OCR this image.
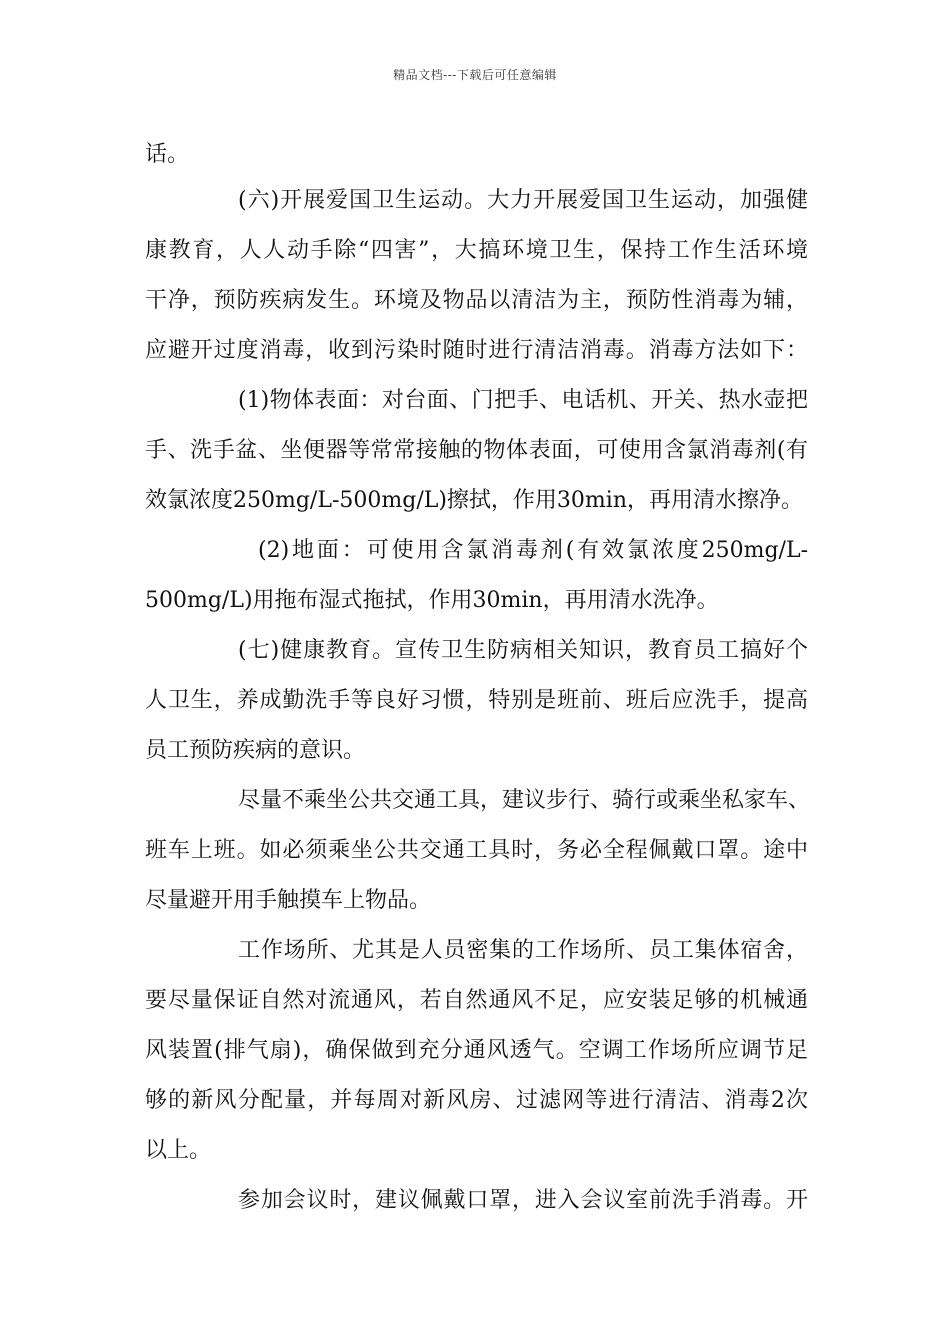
精品文档---下载后可任意编辑
话。
(六)开展爱国卫生运动。大力开展爱国卫生运动，加强健
康教育，人人动手除“四害”，大搞环境卫生，保持工作生活环境
干净，预防疾病发生。环境及物品以清洁为主，预防性消毒为辅，
应避开过度消毒，收到污染时随时进行清洁消毒。消毒方法如下：
(1)物体表面：对台面、门把手、电话机、开关、热水壶把
手、洗手盆、坐便器等常常接触的物体表面，可使用含氯消毒剂(有
效氯浓度250mg/L-500mg/L)擦拭，作用30min，再用清水擦净。
(2)地面：可使用含氯消毒剂(有效氯浓度250mg/L-
500mg/L)用拖布湿式拖拭，作用30min，再用清水洗净。
(七)健康教育。宣传卫生防病相关知识，教育员工搞好个
人卫生，养成勤洗手等良好习惯，特别是班前、班后应洗手，提高
员工预防疾病的意识。
尽量不乘坐公共交通工具，建议步行、骑行或乘坐私家车、
班车上班。如必须乘坐公共交通工具时，务必全程佩戴口罩。途中
尽量避开用手触摸车上物品。
工作场所、尤其是人员密集的工作场所、员工集体宿舍，
要尽量保证自然对流通风，若自然通风不足，应安装足够的机械通
风装置(排气扇)，确保做到充分通风透气。空调工作场所应调节足
够的新风分配量，并每周对新风房、过滤网等进行清洁、消毒2次
以上。
参加会议时，建议佩戴口罩，进入会议室前洗手消毒。开
